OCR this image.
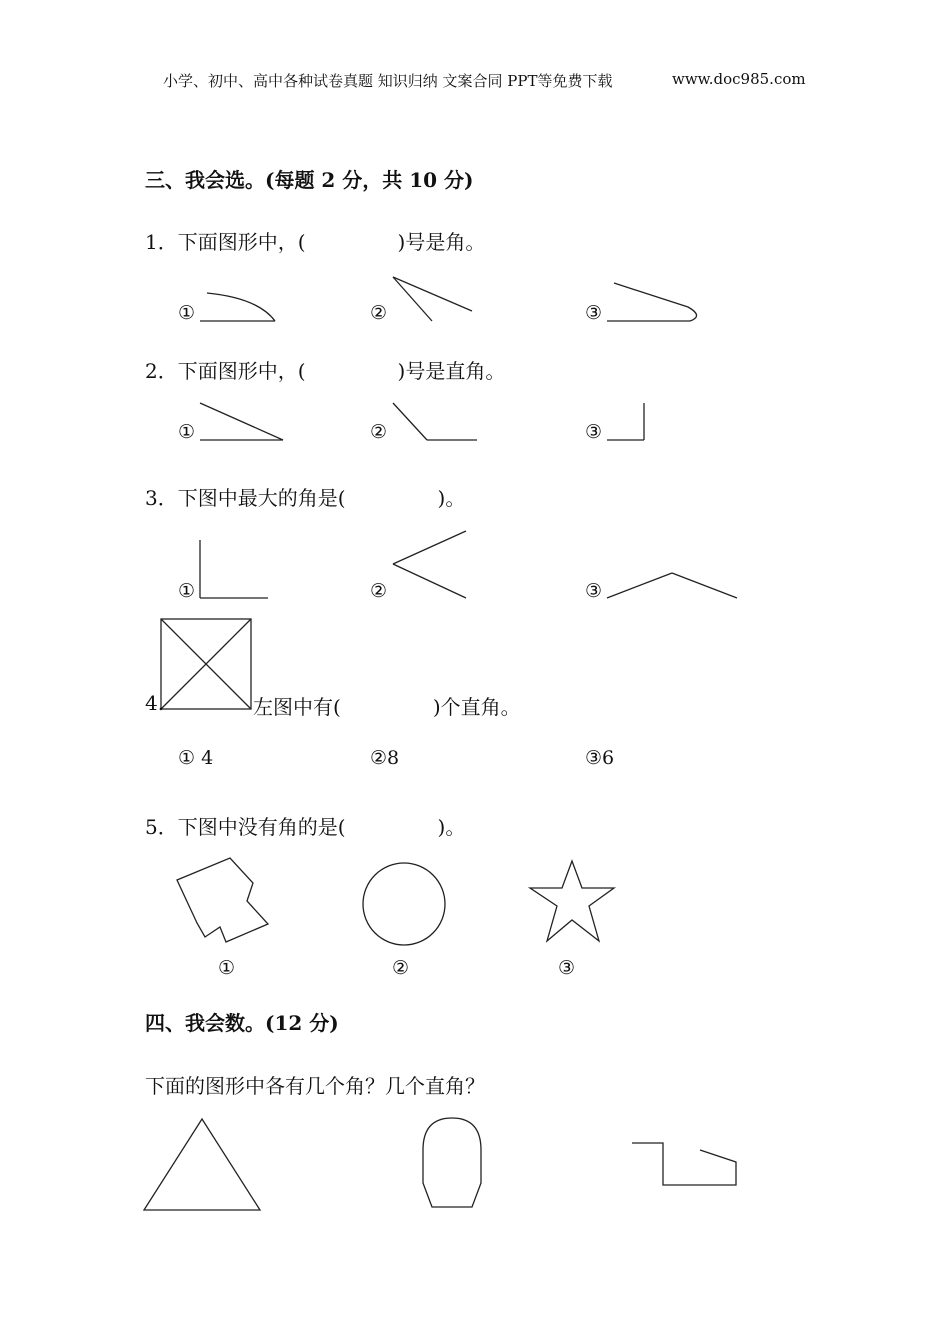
小学、初中、高中各种试卷真题 知识归纳 文案合同 PPT等免费下载	www.doc985.com
三、我会选。(每题 2 分，共 10 分)
1．下面图形中，(	)号是角。
①	②	③
2．下面图形中，(	)号是直角。
①	②	③
3．下图中最大的角是(	)。
①	②	③
4.	左图中有(	)个直角。
① 4	②8	③6
5．下图中没有角的是(	)。
①	②	③
四、我会数。(12 分)
下面的图形中各有几个角？几个直角？
